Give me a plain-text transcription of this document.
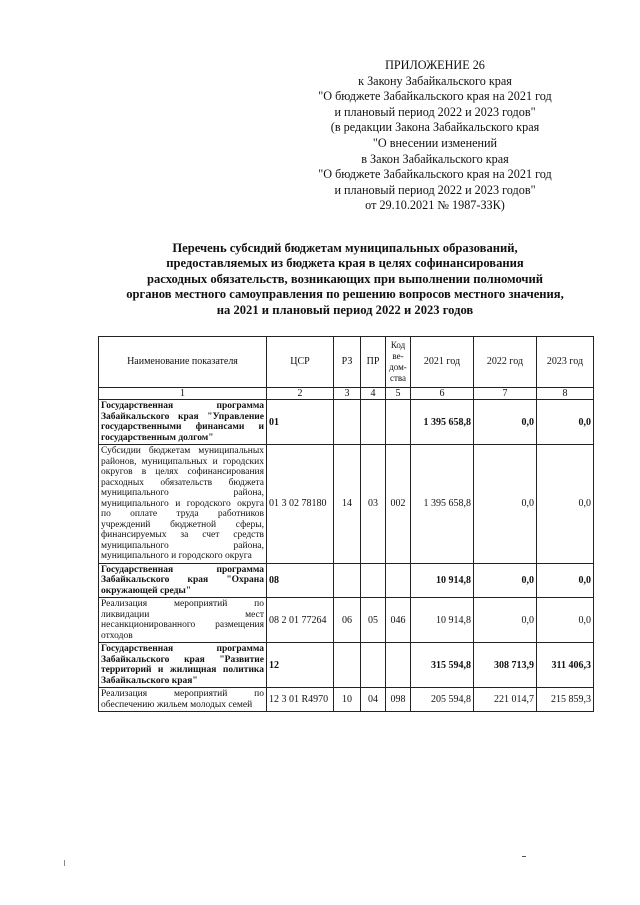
ПРИЛОЖЕНИЕ 26
к Закону Забайкальского края
"О бюджете Забайкальского края на 2021 год
и плановый период 2022 и 2023 годов"
(в редакции Закона Забайкальского края
"О внесении изменений
в Закон Забайкальского края
"О бюджете Забайкальского края на 2021 год
и плановый период 2022 и 2023 годов"
от 29.10.2021 № 1987-ЗЗК)
Перечень субсидий бюджетам муниципальных образований,
предоставляемых из бюджета края в целях софинансирования
расходных обязательств, возникающих при выполнении полномочий
органов местного самоуправления по решению вопросов местного значения,
на 2021 и плановый период 2022 и 2023 годов
Наименование показателя	ЦСР	РЗ	ПР	Код ве-дом-ства	2021 год	2022 год	2023 год
1	2	3	4	5	6	7	8
Государственная программа Забайкальского края "Управление государственными финансами и государственным долгом"	01				1 395 658,8	0,0	0,0
Субсидии бюджетам муниципальных районов, муниципальных и городских округов в целях софинансирования расходных обязательств бюджета муниципального района, муниципального и городского округа по оплате труда работников учреждений бюджетной сферы, финансируемых за счет средств муниципального района, муниципального и городского округа	01 3 02 78180	14	03	002	1 395 658,8	0,0	0,0
Государственная программа Забайкальского края "Охрана окружающей среды"	08				10 914,8	0,0	0,0
Реализация мероприятий по ликвидации мест несанкционированного размещения отходов	08 2 01 77264	06	05	046	10 914,8	0,0	0,0
Государственная программа Забайкальского края "Развитие территорий и жилищная политика Забайкальского края"	12				315 594,8	308 713,9	311 406,3
Реализация мероприятий по обеспечению жильем молодых семей	12 3 01 R4970	10	04	098	205 594,8	221 014,7	215 859,3
